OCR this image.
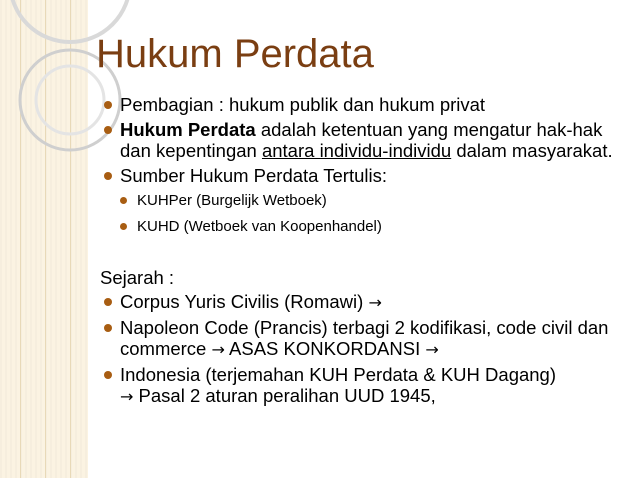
Hukum Perdata
Pembagian : hukum publik dan hukum privat
Hukum Perdata adalah ketentuan yang mengatur hak-hak dan kepentingan antara individu-individu dalam masyarakat.
Sumber Hukum Perdata Tertulis:
KUHPer (Burgelijk Wetboek)
KUHD (Wetboek van Koopenhandel)
Sejarah :
Corpus Yuris Civilis (Romawi) →
Napoleon Code (Prancis) terbagi 2 kodifikasi, code civil dan commerce → ASAS KONKORDANSI →
Indonesia (terjemahan KUH Perdata & KUH Dagang)
→ Pasal 2 aturan peralihan UUD 1945,
